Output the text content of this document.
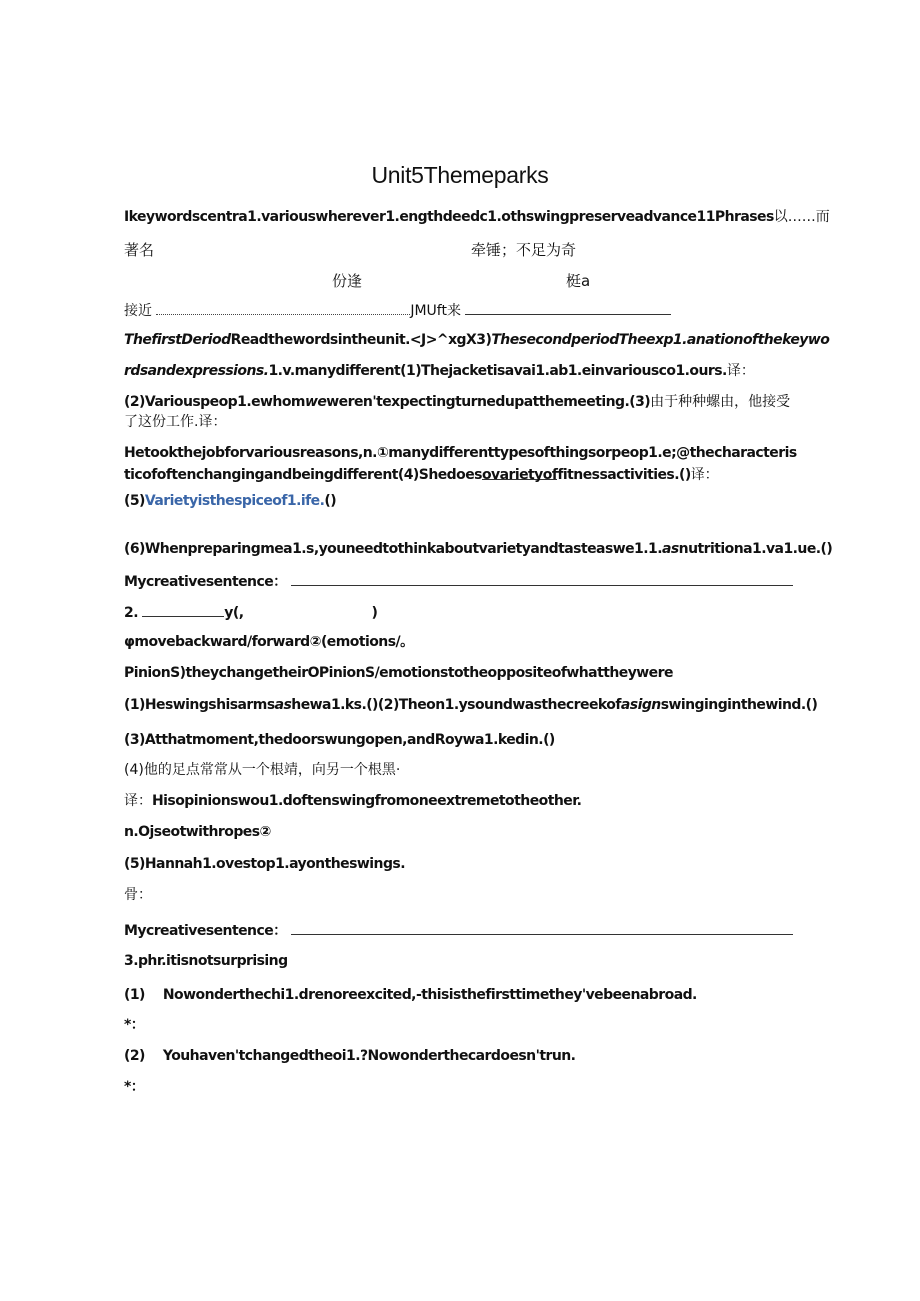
Unit5Themeparks
Ikeywordscentra1.variouswherever1.engthdeedc1.othswingpreserveadvance11Phrases以……而
著名	牵锤；不足为奇
份逢	梃a
接近	JMUft来
ThefirstDeriodReadthewordsintheunit.<J>^xgX3)ThesecondperiodTheexp1.anationofthekeywo
rdsandexpressions.1.v.manydifferent(1)Thejacketisavai1.ab1.einvariousco1.ours.译：
(2)Variouspeop1.ewhomweweren'texpectingturnedupatthemeeting.(3)由于种种螺由，他接受了这份工作.译：
Hetookthejobforvariousreasons,n.①manydifferenttypesofthingsorpeop1.e;@thecharacteristicofoftenchangingandbeingdifferent(4)Shedoesovarietyoffitnessactivities.()译：
(5)Varietyisthespiceof1.ife.()
(6)Whenpreparingmea1.s,youneedtothinkaboutvarietyandtasteaswe1.1.asnutritiona1.va1.ue.()
Mycreativesentence：
2.	y(,	)
φmovebackward/forward②(emotions/。
PinionS)theychangetheirOPinionS/emotionstotheoppositeofwhattheywere
(1)Heswingshisarmsashewa1.ks.()(2)Theon1.ysoundwasthecreekofasignswinginginthewind.()
(3)Atthatmoment,thedoorswungopen,andRoywa1.kedin.()
(4)他的足点常常从一个根靖，向另一个根黑·
译：Hisopinionswou1.doftenswingfromoneextremetotheother.
n.Ojseotwithropes②
(5)Hannah1.ovestop1.ayontheswings.
骨：
Mycreativesentence：
3.phr.itisnotsurprising
(1) Nowonderthechi1.drenoreexcited,-thisisthefirsttimethey'vebeenabroad.
*：
(2) Youhaven'tchangedtheoi1.?Nowonderthecardoesn'trun.
*：
